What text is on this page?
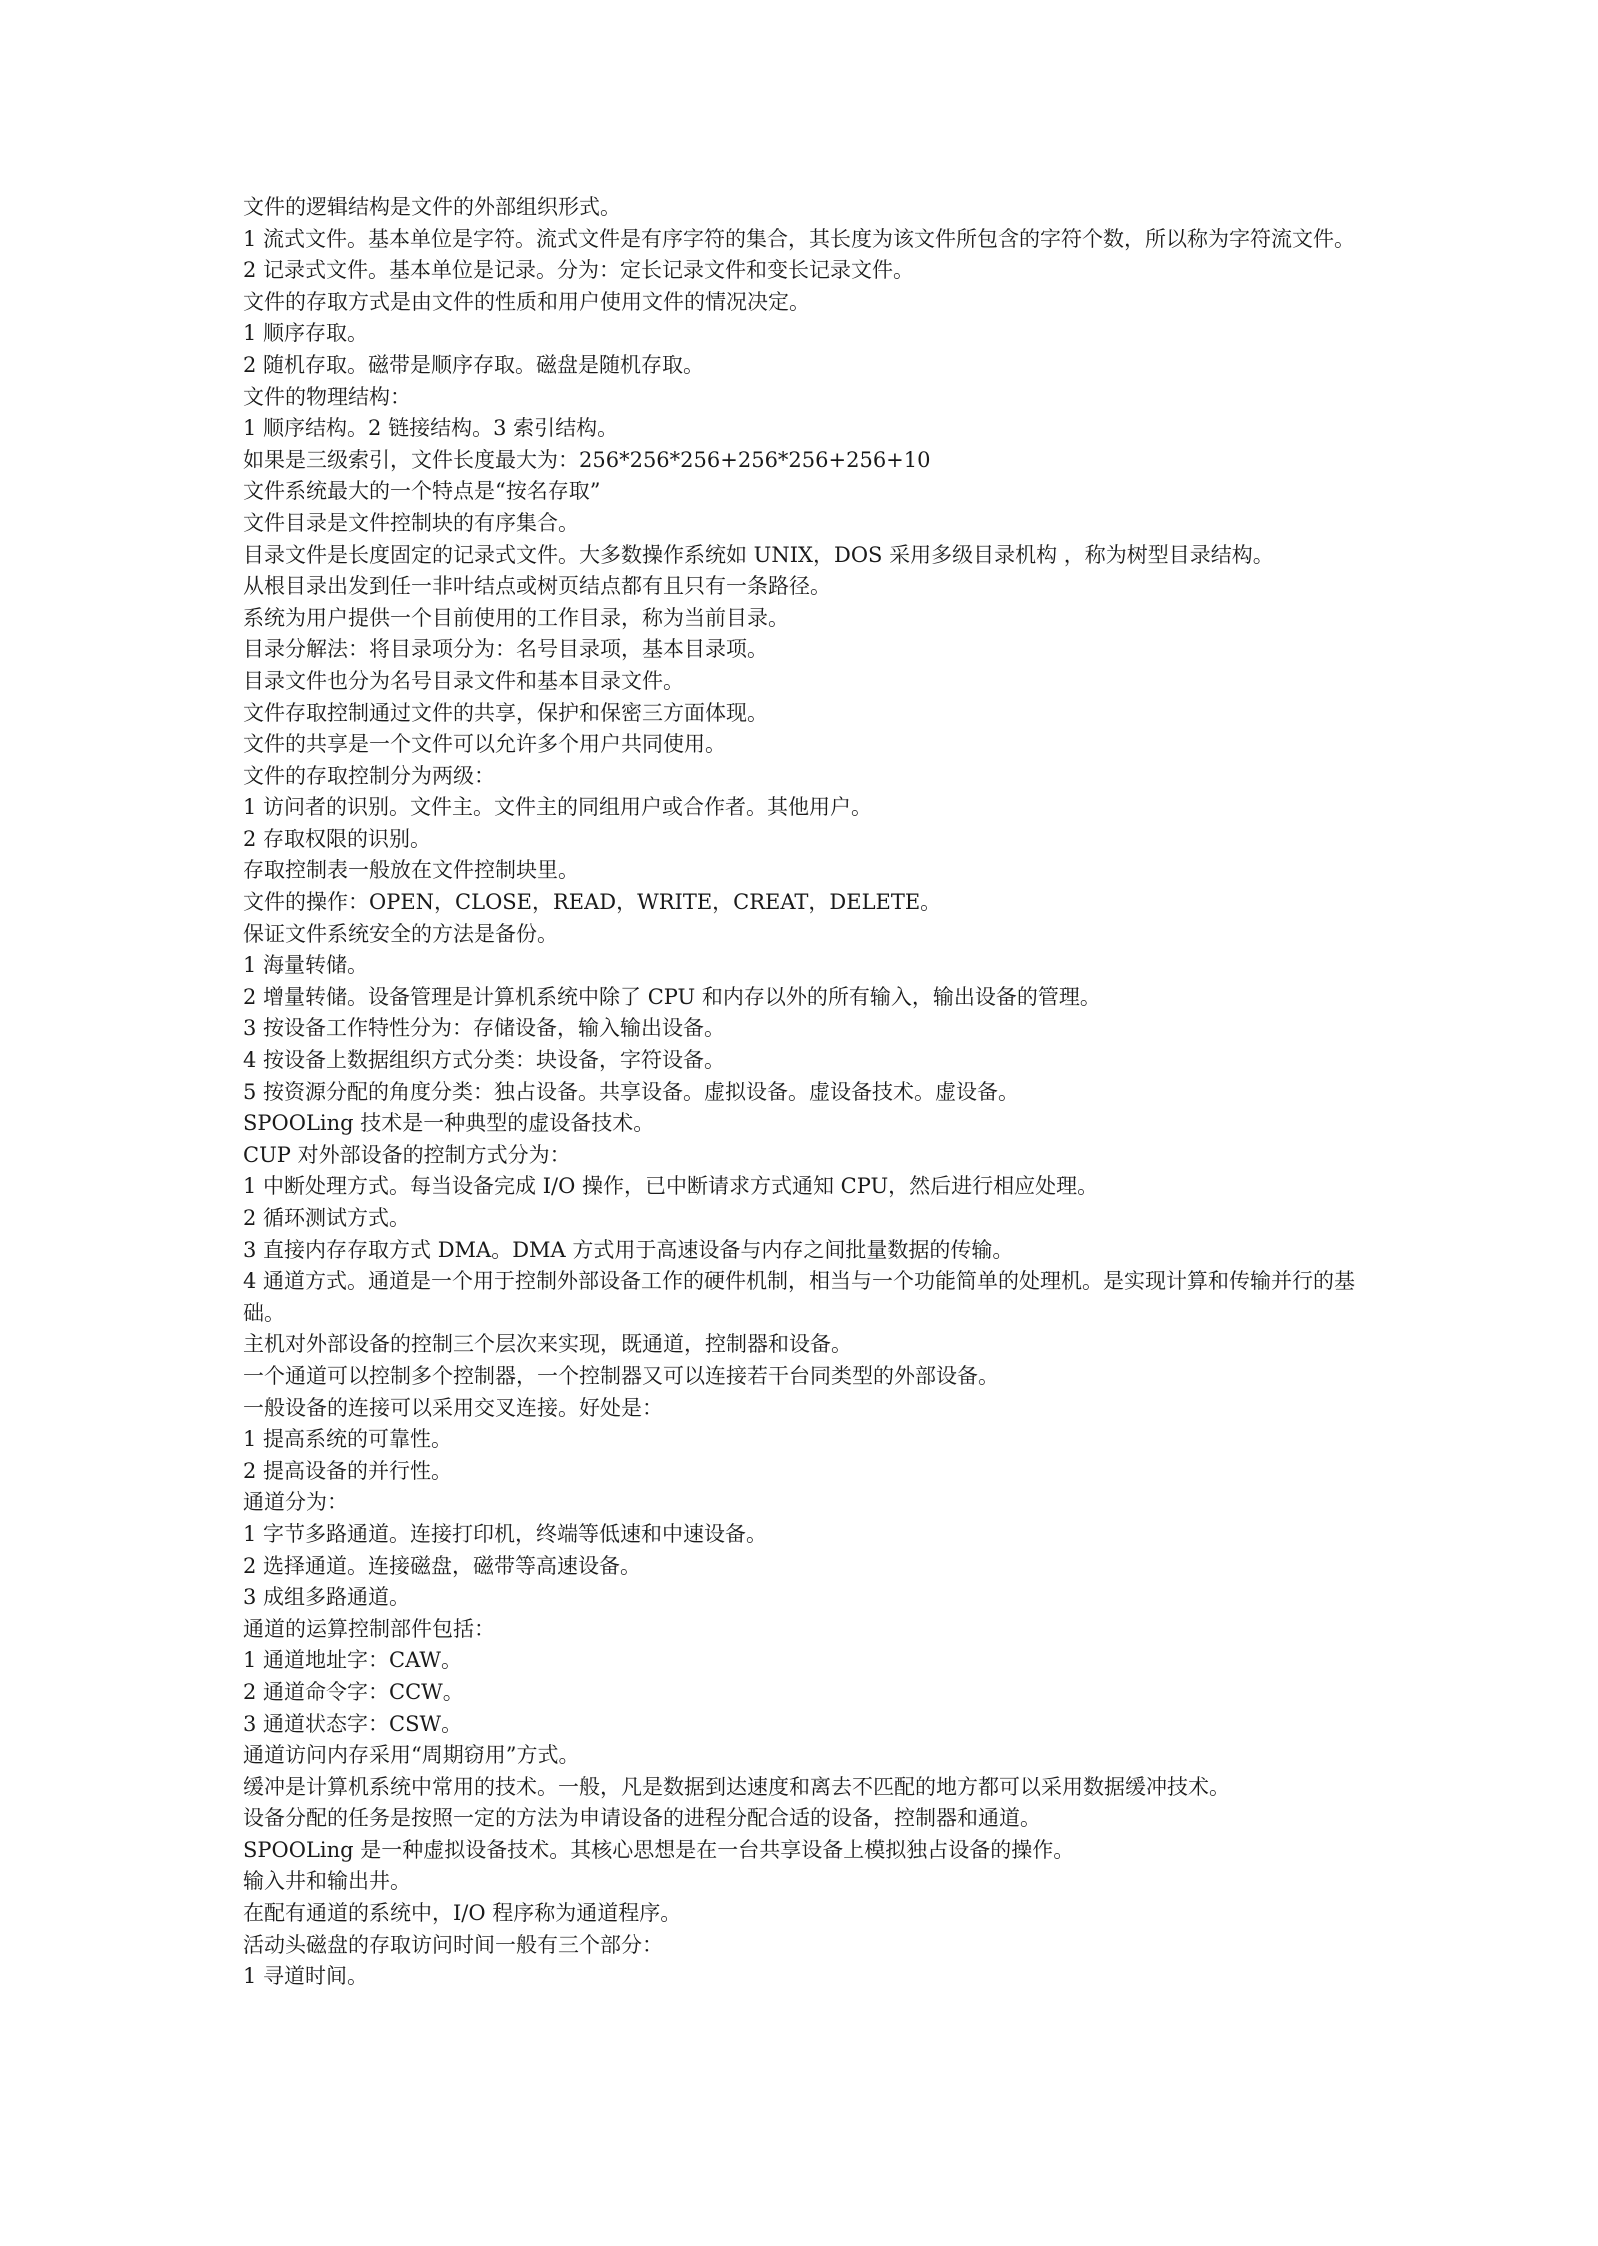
文件的逻辑结构是文件的外部组织形式。

1 流式文件。基本单位是字符。流式文件是有序字符的集合，其长度为该文件所包含的字符个数，所以称为字符流文件。

2 记录式文件。基本单位是记录。分为：定长记录文件和变长记录文件。

文件的存取方式是由文件的性质和用户使用文件的情况决定。

1 顺序存取。

2 随机存取。磁带是顺序存取。磁盘是随机存取。

文件的物理结构：

1 顺序结构。2 链接结构。3 索引结构。

如果是三级索引，文件长度最大为：256*256*256+256*256+256+10

文件系统最大的一个特点是“按名存取”

文件目录是文件控制块的有序集合。

目录文件是长度固定的记录式文件。大多数操作系统如 UNIX，DOS 采用多级目录机构 ，称为树型目录结构。

从根目录出发到任一非叶结点或树页结点都有且只有一条路径。

系统为用户提供一个目前使用的工作目录，称为当前目录。

目录分解法：将目录项分为：名号目录项，基本目录项。

目录文件也分为名号目录文件和基本目录文件。

文件存取控制通过文件的共享，保护和保密三方面体现。

文件的共享是一个文件可以允许多个用户共同使用。

文件的存取控制分为两级：

1 访问者的识别。文件主。文件主的同组用户或合作者。其他用户。

2 存取权限的识别。

存取控制表一般放在文件控制块里。

文件的操作：OPEN，CLOSE，READ，WRITE，CREAT，DELETE。

保证文件系统安全的方法是备份。

1 海量转储。

2 增量转储。设备管理是计算机系统中除了 CPU 和内存以外的所有输入，输出设备的管理。

3 按设备工作特性分为：存储设备，输入输出设备。

4 按设备上数据组织方式分类：块设备，字符设备。

5 按资源分配的角度分类：独占设备。共享设备。虚拟设备。虚设备技术。虚设备。

SPOOLing 技术是一种典型的虚设备技术。

CUP 对外部设备的控制方式分为：

1 中断处理方式。每当设备完成 I/O 操作，已中断请求方式通知 CPU，然后进行相应处理。

2 循环测试方式。

3 直接内存存取方式 DMA。DMA 方式用于高速设备与内存之间批量数据的传输。

4 通道方式。通道是一个用于控制外部设备工作的硬件机制，相当与一个功能简单的处理机。是实现计算和传输并行的基础。

主机对外部设备的控制三个层次来实现，既通道，控制器和设备。

一个通道可以控制多个控制器，一个控制器又可以连接若干台同类型的外部设备。

一般设备的连接可以采用交叉连接。好处是：

1 提高系统的可靠性。

2 提高设备的并行性。

通道分为：

1 字节多路通道。连接打印机，终端等低速和中速设备。

2 选择通道。连接磁盘，磁带等高速设备。

3 成组多路通道。

通道的运算控制部件包括：

1 通道地址字：CAW。

2 通道命令字：CCW。

3 通道状态字：CSW。

通道访问内存采用“周期窃用”方式。

缓冲是计算机系统中常用的技术。一般，凡是数据到达速度和离去不匹配的地方都可以采用数据缓冲技术。

设备分配的任务是按照一定的方法为申请设备的进程分配合适的设备，控制器和通道。

SPOOLing 是一种虚拟设备技术。其核心思想是在一台共享设备上模拟独占设备的操作。

输入井和输出井。

在配有通道的系统中，I/O 程序称为通道程序。

活动头磁盘的存取访问时间一般有三个部分：

1 寻道时间。
